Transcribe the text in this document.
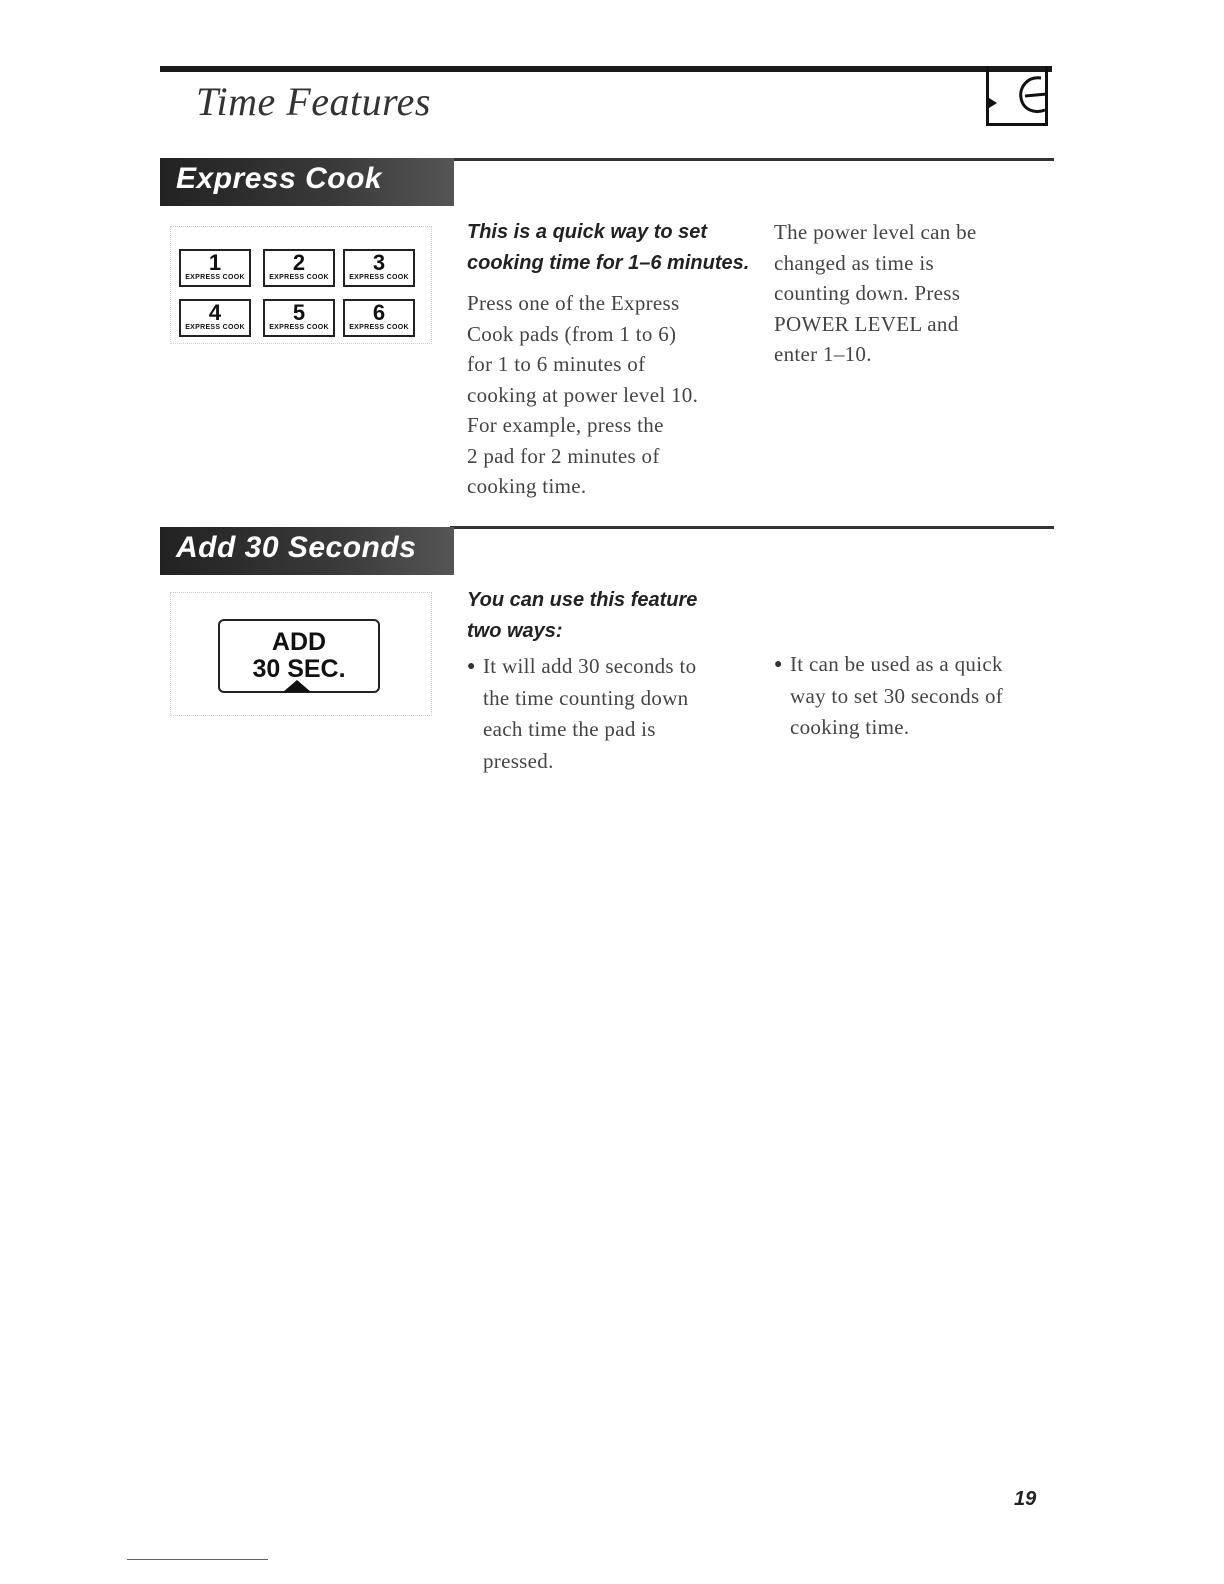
Time Features
Express Cook
1
EXPRESS COOK
2
EXPRESS COOK
3
EXPRESS COOK
4
EXPRESS COOK
5
EXPRESS COOK
6
EXPRESS COOK
This is a quick way to set
cooking time for 1–6 minutes.
Press one of the Express
Cook pads (from 1 to 6)
for 1 to 6 minutes of
cooking at power level 10.
For example, press the
2 pad for 2 minutes of
cooking time.
The power level can be
changed as time is
counting down. Press
POWER LEVEL and
enter 1–10.
Add 30 Seconds
ADD
30 SEC.
You can use this feature
two ways:
● It will add 30 seconds to
the time counting down
each time the pad is
pressed.
● It can be used as a quick
way to set 30 seconds of
cooking time.
19
